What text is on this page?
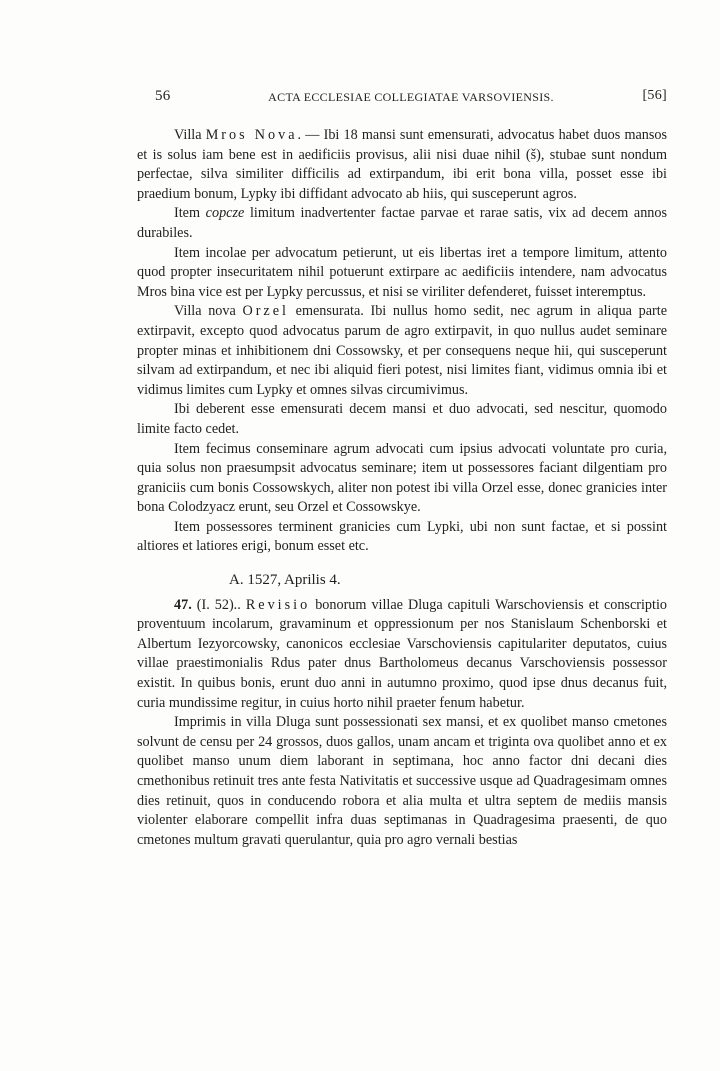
56	ACTA ECCLESIAE COLLEGIATAE VARSOVIENSIS.	[56]

Villa Mros Nova. — Ibi 18 mansi sunt emensurati, advocatus habet duos mansos et is solus iam bene est in aedificiis provisus, alii nisi duae nihil (š), stubae sunt nondum perfectae, silva similiter difficilis ad extirpandum, ibi erit bona villa, posset esse ibi praedium bonum, Lypky ibi diffidant advocato ab hiis, qui susceperunt agros.

Item copcze limitum inadvertenter factae parvae et rarae satis, vix ad decem annos durabiles.

Item incolae per advocatum petierunt, ut eis libertas iret a tempore limitum, attento quod propter insecuritatem nihil potuerunt extirpare ac aedificiis intendere, nam advocatus Mros bina vice est per Lypky percussus, et nisi se viriliter defenderet, fuisset interemptus.

Villa nova Orzel emensurata. Ibi nullus homo sedit, nec agrum in aliqua parte extirpavit, excepto quod advocatus parum de agro extirpavit, in quo nullus audet seminare propter minas et inhibitionem dni Cossowsky, et per consequens neque hii, qui susceperunt silvam ad extirpandum, et nec ibi aliquid fieri potest, nisi limites fiant, vidimus omnia ibi et vidimus limites cum Lypky et omnes silvas circumivimus.

Ibi deberent esse emensurati decem mansi et duo advocati, sed nescitur, quomodo limite facto cedet.

Item fecimus conseminare agrum advocati cum ipsius advocati voluntate pro curia, quia solus non praesumpsit advocatus seminare; item ut possessores faciant dilgentiam pro graniciis cum bonis Cossowskych, aliter non potest ibi villa Orzel esse, donec granicies inter bona Colodzyacz erunt, seu Orzel et Cossowskye.

Item possessores terminent granicies cum Lypki, ubi non sunt factae, et si possint altiores et latiores erigi, bonum esset etc.

A. 1527, Aprilis 4.

47. (I. 52).. Revisio bonorum villae Dluga capituli Warschoviensis et conscriptio proventuum incolarum, gravaminum et oppressionum per nos Stanislaum Schenborski et Albertum Iezyorcowsky, canonicos ecclesiae Varschoviensis capitulariter deputatos, cuius villae praestimonialis Rdus pater dnus Bartholomeus decanus Varschoviensis possessor existit. In quibus bonis, erunt duo anni in autumno proximo, quod ipse dnus decanus fuit, curia mundissime regitur, in cuius horto nihil praeter fenum habetur.

Imprimis in villa Dluga sunt possessionati sex mansi, et ex quolibet manso cmetones solvunt de censu per 24 grossos, duos gallos, unam ancam et triginta ova quolibet anno et ex quolibet manso unum diem laborant in septimana, hoc anno factor dni decani dies cmethonibus retinuit tres ante festa Nativitatis et successive usque ad Quadragesimam omnes dies retinuit, quos in conducendo robora et alia multa et ultra septem de mediis mansis violenter elaborare compellit infra duas septimanas in Quadragesima praesenti, de quo cmetones multum gravati querulantur, quia pro agro vernali bestias
